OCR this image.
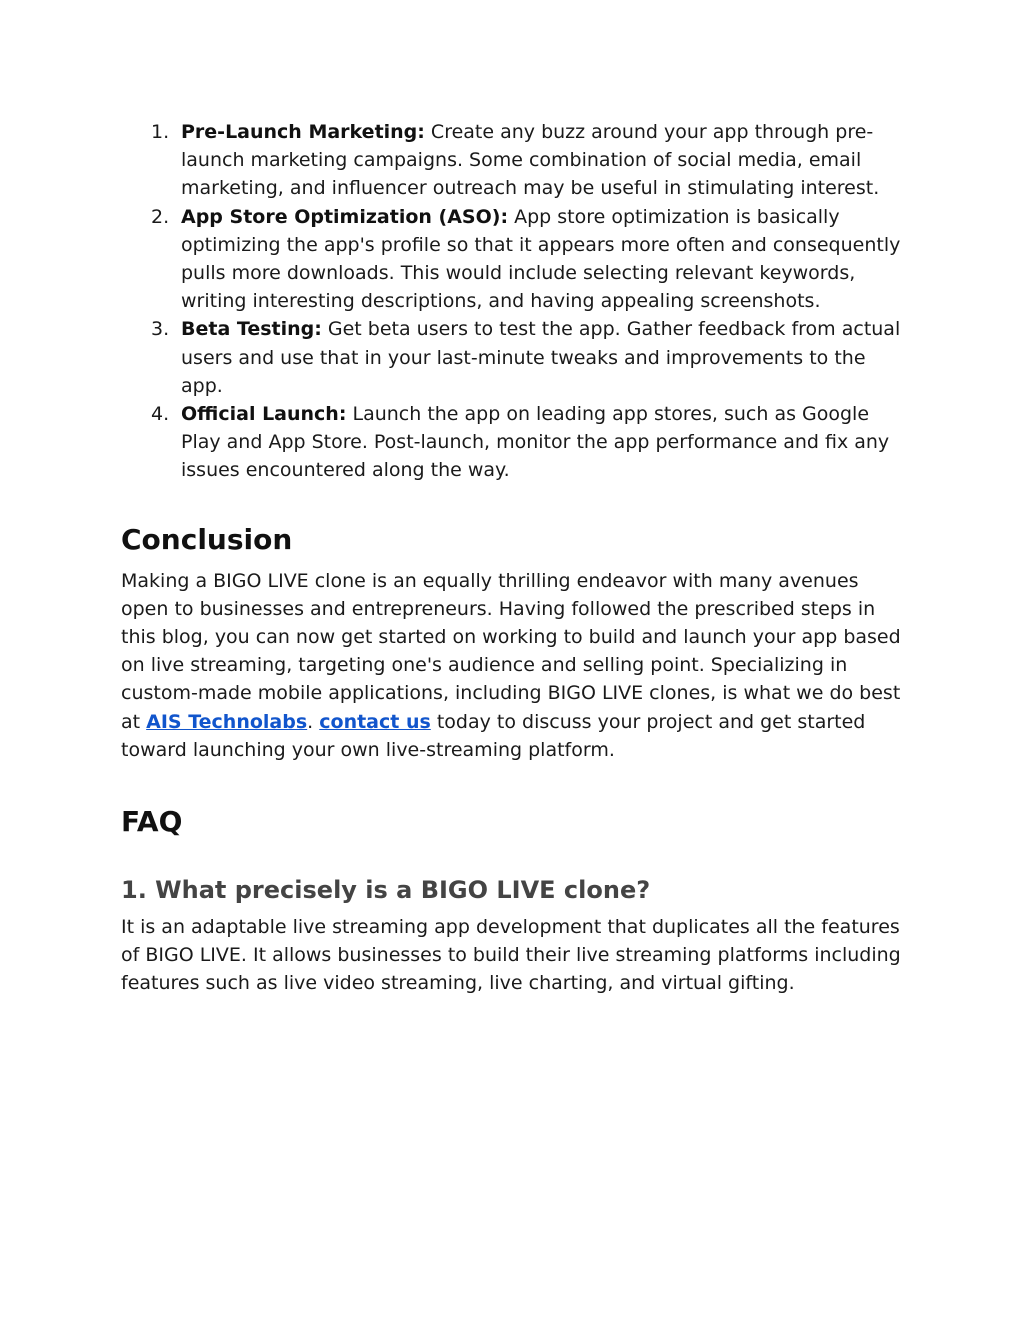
1. Pre-Launch Marketing: Create any buzz around your app through pre-launch marketing campaigns. Some combination of social media, email marketing, and influencer outreach may be useful in stimulating interest.
2. App Store Optimization (ASO): App store optimization is basically optimizing the app's profile so that it appears more often and consequently pulls more downloads. This would include selecting relevant keywords, writing interesting descriptions, and having appealing screenshots.
3. Beta Testing: Get beta users to test the app. Gather feedback from actual users and use that in your last-minute tweaks and improvements to the app.
4. Official Launch: Launch the app on leading app stores, such as Google Play and App Store. Post-launch, monitor the app performance and fix any issues encountered along the way.
Conclusion

Making a BIGO LIVE clone is an equally thrilling endeavor with many avenues open to businesses and entrepreneurs. Having followed the prescribed steps in this blog, you can now get started on working to build and launch your app based on live streaming, targeting one's audience and selling point. Specializing in custom-made mobile applications, including BIGO LIVE clones, is what we do best at AIS Technolabs. contact us today to discuss your project and get started toward launching your own live-streaming platform.

FAQ
1. What precisely is a BIGO LIVE clone?

It is an adaptable live streaming app development that duplicates all the features of BIGO LIVE. It allows businesses to build their live streaming platforms including features such as live video streaming, live charting, and virtual gifting.
